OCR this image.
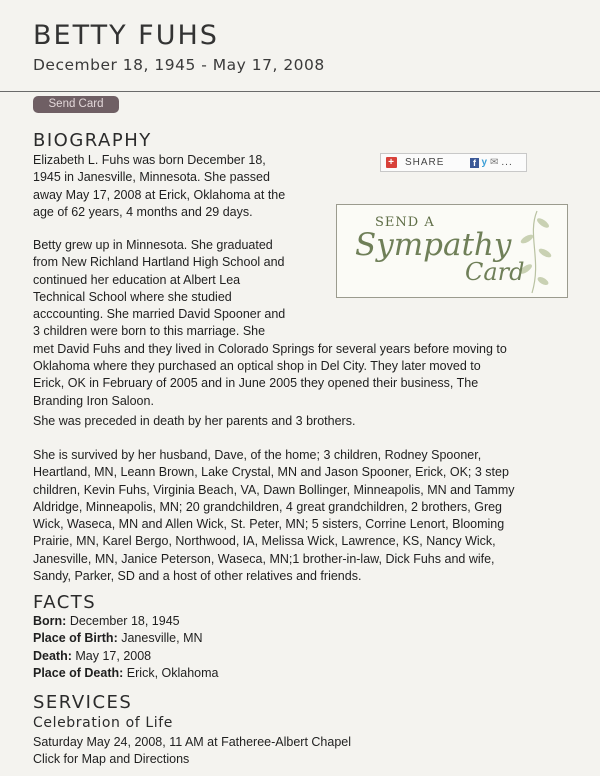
BETTY FUHS
December 18, 1945 - May 17, 2008
Send Card
BIOGRAPHY
Elizabeth L. Fuhs was born December 18,
1945 in Janesville, Minnesota. She passed
away May 17, 2008 at Erick, Oklahoma at the
age of 62 years, 4 months and 29 days.
+ SHARE	f y ✉ ...
SEND A
Sympathy
Card
Betty grew up in Minnesota. She graduated
from New Richland Hartland High School and
continued her education at Albert Lea
Technical School where she studied
acccounting. She married David Spooner and
3 children were born to this marriage. She
met David Fuhs and they lived in Colorado Springs for several years before moving to
Oklahoma where they purchased an optical shop in Del City. They later moved to
Erick, OK in February of 2005 and in June 2005 they opened their business, The
Branding Iron Saloon.
She was preceded in death by her parents and 3 brothers.
She is survived by her husband, Dave, of the home; 3 children, Rodney Spooner,
Heartland, MN, Leann Brown, Lake Crystal, MN and Jason Spooner, Erick, OK; 3 step
children, Kevin Fuhs, Virginia Beach, VA, Dawn Bollinger, Minneapolis, MN and Tammy
Aldridge, Minneapolis, MN; 20 grandchildren, 4 great grandchildren, 2 brothers, Greg
Wick, Waseca, MN and Allen Wick, St. Peter, MN; 5 sisters, Corrine Lenort, Blooming
Prairie, MN, Karel Bergo, Northwood, IA, Melissa Wick, Lawrence, KS, Nancy Wick,
Janesville, MN, Janice Peterson, Waseca, MN;1 brother-in-law, Dick Fuhs and wife,
Sandy, Parker, SD and a host of other relatives and friends.
FACTS
Born: December 18, 1945
Place of Birth: Janesville, MN
Death: May 17, 2008
Place of Death: Erick, Oklahoma
SERVICES
Celebration of Life
Saturday May 24, 2008, 11 AM at Fatheree-Albert Chapel
Click for Map and Directions
